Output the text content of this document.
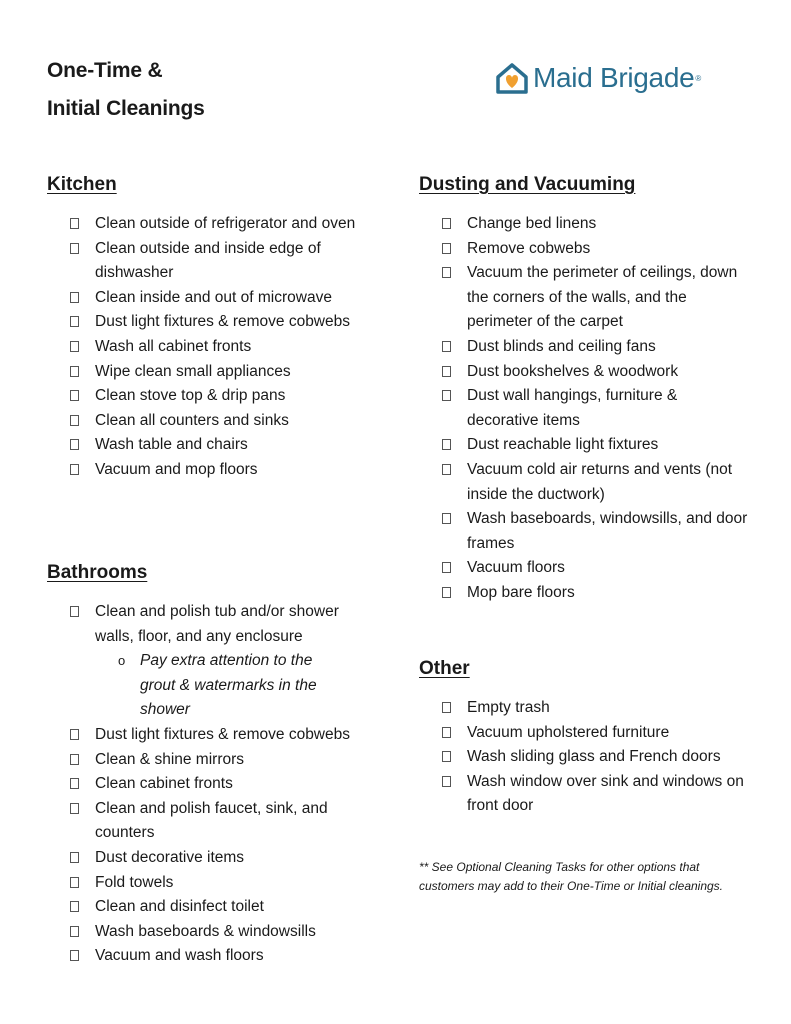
One-Time &
Initial Cleanings
Maid Brigade ®
Kitchen
Clean outside of refrigerator and oven
Clean outside and inside edge of dishwasher
Clean inside and out of microwave
Dust light fixtures & remove cobwebs
Wash all cabinet fronts
Wipe clean small appliances
Clean stove top & drip pans
Clean all counters and sinks
Wash table and chairs
Vacuum and mop floors
Bathrooms
Clean and polish tub and/or shower walls, floor, and any enclosure
o Pay extra attention to the grout & watermarks in the shower
Dust light fixtures & remove cobwebs
Clean & shine mirrors
Clean cabinet fronts
Clean and polish faucet, sink, and counters
Dust decorative items
Fold towels
Clean and disinfect toilet
Wash baseboards & windowsills
Vacuum and wash floors
Dusting and Vacuuming
Change bed linens
Remove cobwebs
Vacuum the perimeter of ceilings, down the corners of the walls, and the perimeter of the carpet
Dust blinds and ceiling fans
Dust bookshelves & woodwork
Dust wall hangings, furniture & decorative items
Dust reachable light fixtures
Vacuum cold air returns and vents (not inside the ductwork)
Wash baseboards, windowsills, and door frames
Vacuum floors
Mop bare floors
Other
Empty trash
Vacuum upholstered furniture
Wash sliding glass and French doors
Wash window over sink and windows on front door
** See Optional Cleaning Tasks for other options that customers may add to their One-Time or Initial cleanings.
